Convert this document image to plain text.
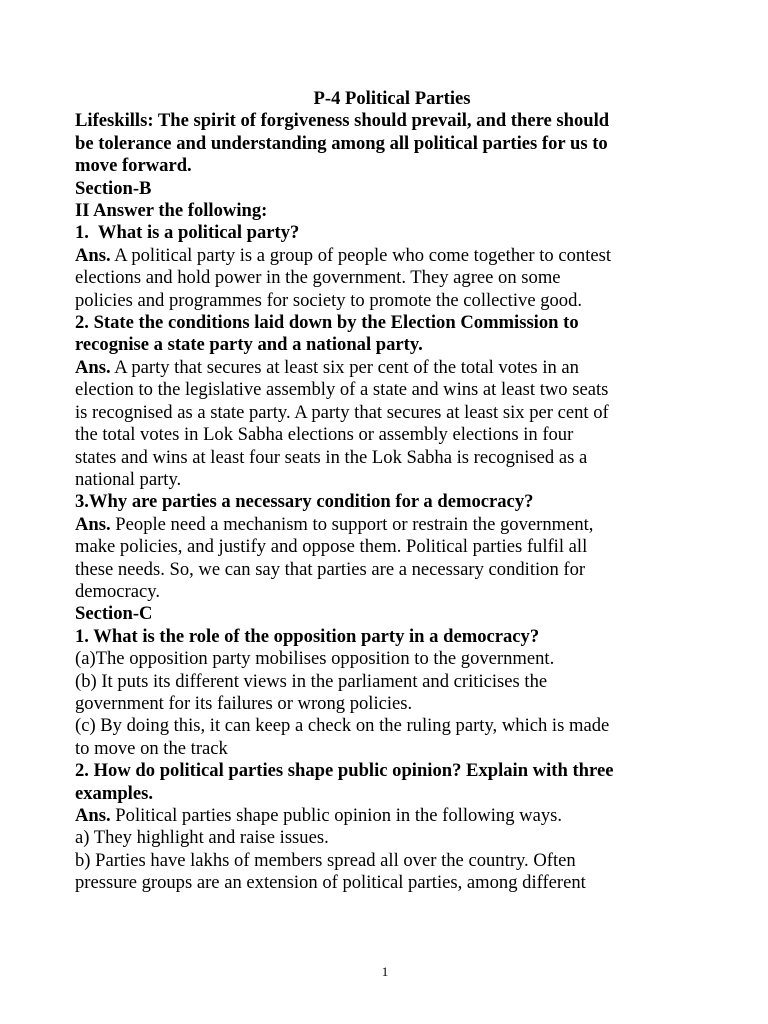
P-4 Political Parties
Lifeskills: The spirit of forgiveness should prevail, and there should
be tolerance and understanding among all political parties for us to
move forward.
Section-B
II Answer the following:
1.  What is a political party?
Ans. A political party is a group of people who come together to contest
elections and hold power in the government. They agree on some
policies and programmes for society to promote the collective good.
2. State the conditions laid down by the Election Commission to
recognise a state party and a national party.
Ans. A party that secures at least six per cent of the total votes in an
election to the legislative assembly of a state and wins at least two seats
is recognised as a state party. A party that secures at least six per cent of
the total votes in Lok Sabha elections or assembly elections in four
states and wins at least four seats in the Lok Sabha is recognised as a
national party.
3.Why are parties a necessary condition for a democracy?
Ans. People need a mechanism to support or restrain the government,
make policies, and justify and oppose them. Political parties fulfil all
these needs. So, we can say that parties are a necessary condition for
democracy.
Section-C
1. What is the role of the opposition party in a democracy?
(a)The opposition party mobilises opposition to the government.
(b) It puts its different views in the parliament and criticises the
government for its failures or wrong policies.
(c) By doing this, it can keep a check on the ruling party, which is made
to move on the track
2. How do political parties shape public opinion? Explain with three
examples.
Ans. Political parties shape public opinion in the following ways.
a) They highlight and raise issues.
b) Parties have lakhs of members spread all over the country. Often
pressure groups are an extension of political parties, among different
1
